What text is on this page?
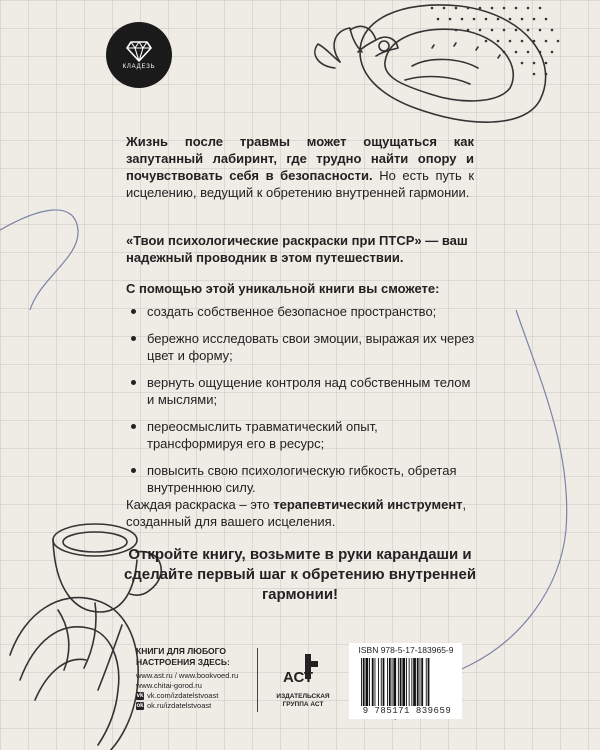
КЛАДЕЗЬ
Жизнь после травмы может ощущаться как запутанный лабиринт, где трудно найти опору и почувствовать себя в безопасности. Но есть путь к исцелению, ведущий к обретению внутренней гармонии.
«Твои психологические раскраски при ПТСР» — ваш надежный проводник в этом путешествии.
С помощью этой уникальной книги вы сможете:
создать собственное безопасное пространство;
бережно исследовать свои эмоции, выражая их через цвет и форму;
вернуть ощущение контроля над собственным телом и мыслями;
переосмыслить травматический опыт, трансформируя его в ресурс;
повысить свою психологическую гибкость, обретая внутреннюю силу.
Каждая раскраска – это терапевтический инструмент, созданный для вашего исцеления.
Откройте книгу, возьмите в руки карандаши и сделайте первый шаг к обретению внутренней гармонии!
КНИГИ ДЛЯ ЛЮБОГО
НАСТРОЕНИЯ ЗДЕСЬ:
www.ast.ru / www.bookvoed.ru
www.chitai-gorod.ru
vk vk.com/izdatelstvoast
ok ok.ru/izdatelstvoast
АСТ
ИЗДАТЕЛЬСКАЯ
ГРУППА АСТ
ISBN 978-5-17-183965-9
9 785171 839659
